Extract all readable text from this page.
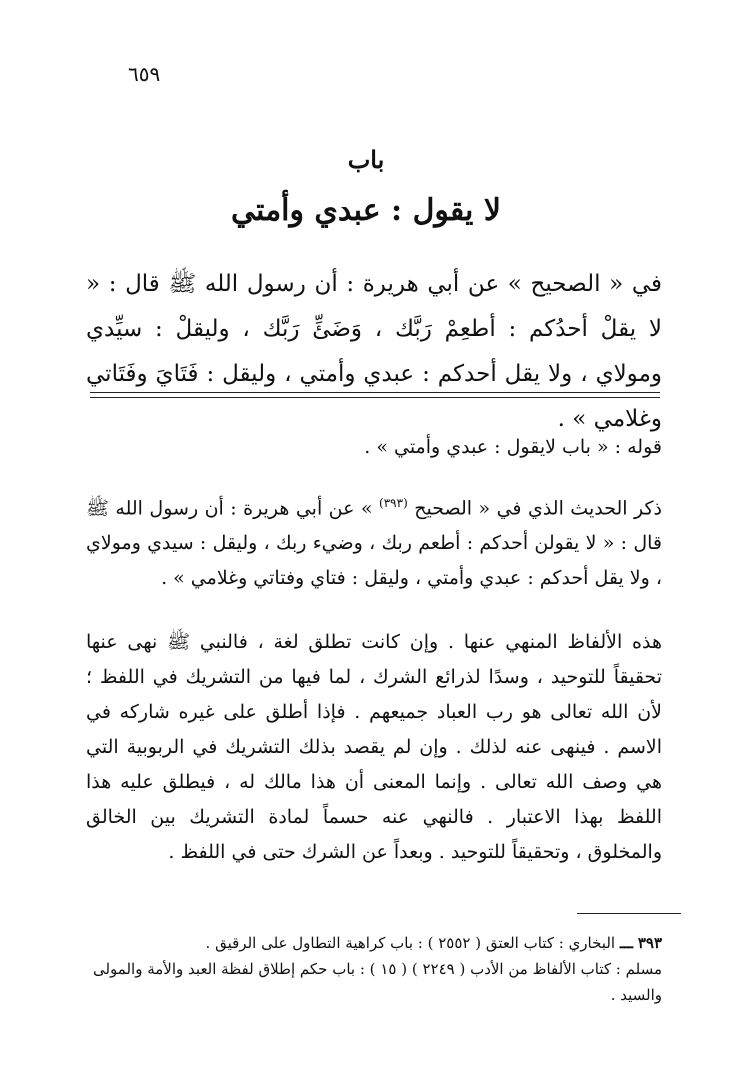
٦٥٩
باب
لا يقول : عبدي وأمتي
في « الصحيح » عن أبي هريرة : أن رسول الله ﷺ قال : « لا يقلْ أحدُكم : أطعِمْ رَبَّك ، وَضَئِّ رَبَّك ، وليقلْ : سيِّدي ومولاي ، ولا يقل أحدكم : عبدي وأمتي ، وليقل : فَتَايَ وفَتَاتي وغلامي » .
قوله : « باب لايقول : عبدي وأمتي » .
ذكر الحديث الذي في « الصحيح $^{(٣٩٣)}$ » عن أبي هريرة : أن رسول الله ﷺ قال : « لا يقولن أحدكم : أطعم ربك ، وضيء ربك ، وليقل : سيدي ومولاي ، ولا يقل أحدكم : عبدي وأمتي ، وليقل : فتاي وفتاتي وغلامي » .
هذه الألفاظ المنهي عنها . وإن كانت تطلق لغة ، فالنبي ﷺ نهى عنها تحقيقاً للتوحيد ، وسدًا لذرائع الشرك ، لما فيها من التشريك في اللفظ ؛ لأن الله تعالى هو رب العباد جميعهم . فإذا أطلق على غيره شاركه في الاسم . فينهى عنه لذلك . وإن لم يقصد بذلك التشريك في الربوبية التي هي وصف الله تعالى . وإنما المعنى أن هذا مالك له ، فيطلق عليه هذا اللفظ بهذا الاعتبار . فالنهي عنه حسماً لمادة التشريك بين الخالق والمخلوق ، وتحقيقاً للتوحيد . وبعداً عن الشرك حتى في اللفظ .
٣٩٣ ـــ البخاري : كتاب العتق ( ٢٥٥٢ ) : باب كراهية التطاول على الرقيق .
مسلم : كتاب الألفاظ من الأدب ( ٢٢٤٩ ) ( ١٥ ) : باب حكم إطلاق لفظة العبد والأمة والمولى والسيد .
